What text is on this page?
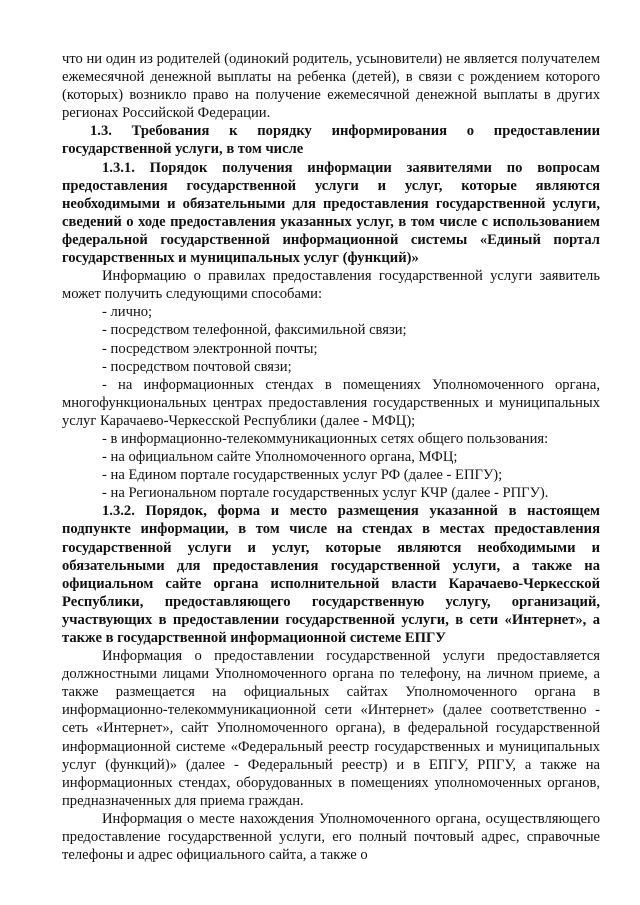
что ни один из родителей (одинокий родитель, усыновители) не является получателем ежемесячной денежной выплаты на ребенка (детей), в связи с рождением которого (которых) возникло право на получение ежемесячной денежной выплаты в других регионах Российской Федерации.

1.3. Требования к порядку информирования о предоставлении государственной услуги, в том числе

1.3.1. Порядок получения информации заявителями по вопросам предоставления государственной услуги и услуг, которые являются необходимыми и обязательными для предоставления государственной услуги, сведений о ходе предоставления указанных услуг, в том числе с использованием федеральной государственной информационной системы «Единый портал государственных и муниципальных услуг (функций)»

Информацию о правилах предоставления государственной услуги заявитель может получить следующими способами:

- лично;

- посредством телефонной, факсимильной связи;

- посредством электронной почты;

- посредством почтовой связи;

- на информационных стендах в помещениях Уполномоченного органа, многофункциональных центрах предоставления государственных и муниципальных услуг Карачаево-Черкесской Республики (далее - МФЦ);

- в информационно-телекоммуникационных сетях общего пользования:

- на официальном сайте Уполномоченного органа, МФЦ;

- на Едином портале государственных услуг РФ (далее - ЕПГУ);

- на Региональном портале государственных услуг КЧР (далее - РПГУ).

1.3.2. Порядок, форма и место размещения указанной в настоящем подпункте информации, в том числе на стендах в местах предоставления государственной услуги и услуг, которые являются необходимыми и обязательными для предоставления государственной услуги, а также на официальном сайте органа исполнительной власти Карачаево-Черкесской Республики, предоставляющего государственную услугу, организаций, участвующих в предоставлении государственной услуги, в сети «Интернет», а также в государственной информационной системе ЕПГУ

Информация о предоставлении государственной услуги предоставляется должностными лицами Уполномоченного органа по телефону, на личном приеме, а также размещается на официальных сайтах Уполномоченного органа в информационно-телекоммуникационной сети «Интернет» (далее соответственно - сеть «Интернет», сайт Уполномоченного органа), в федеральной государственной информационной системе «Федеральный реестр государственных и муниципальных услуг (функций)» (далее - Федеральный реестр) и в ЕПГУ, РПГУ, а также на информационных стендах, оборудованных в помещениях уполномоченных органов, предназначенных для приема граждан.

Информация о месте нахождения Уполномоченного органа, осуществляющего предоставление государственной услуги, его полный почтовый адрес, справочные телефоны и адрес официального сайта, а также о
